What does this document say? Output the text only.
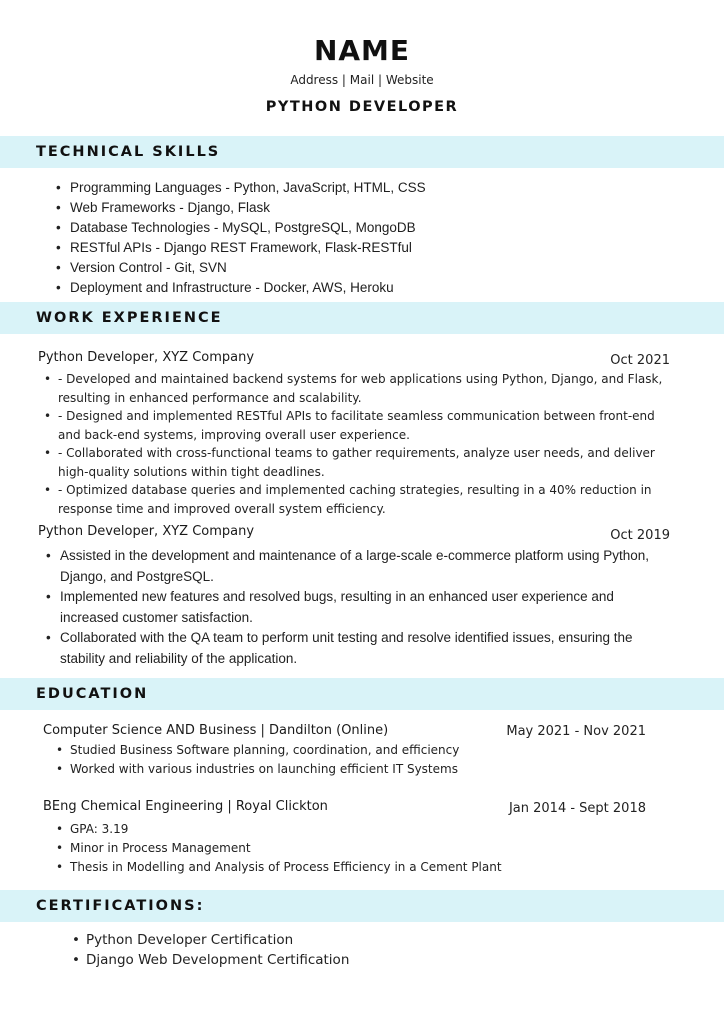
NAME
Address | Mail | Website
PYTHON DEVELOPER
TECHNICAL SKILLS
• Programming Languages - Python, JavaScript, HTML, CSS
• Web Frameworks - Django, Flask
• Database Technologies - MySQL, PostgreSQL, MongoDB
• RESTful APIs - Django REST Framework, Flask-RESTful
• Version Control - Git, SVN
• Deployment and Infrastructure - Docker, AWS, Heroku
WORK EXPERIENCE
Python Developer, XYZ Company	Oct 2021
• - Developed and maintained backend systems for web applications using Python, Django, and Flask, resulting in enhanced performance and scalability.
• - Designed and implemented RESTful APIs to facilitate seamless communication between front-end and back-end systems, improving overall user experience.
• - Collaborated with cross-functional teams to gather requirements, analyze user needs, and deliver high-quality solutions within tight deadlines.
• - Optimized database queries and implemented caching strategies, resulting in a 40% reduction in response time and improved overall system efficiency.
Python Developer, XYZ Company	Oct 2019
• Assisted in the development and maintenance of a large-scale e-commerce platform using Python, Django, and PostgreSQL.
• Implemented new features and resolved bugs, resulting in an enhanced user experience and increased customer satisfaction.
• Collaborated with the QA team to perform unit testing and resolve identified issues, ensuring the stability and reliability of the application.
EDUCATION
Computer Science AND Business | Dandilton (Online)	May 2021 - Nov 2021
• Studied Business Software planning, coordination, and efficiency
• Worked with various industries on launching efficient IT Systems
BEng Chemical Engineering | Royal Clickton	Jan 2014 - Sept 2018
• GPA: 3.19
• Minor in Process Management
• Thesis in Modelling and Analysis of Process Efficiency in a Cement Plant
CERTIFICATIONS:
• Python Developer Certification
• Django Web Development Certification
